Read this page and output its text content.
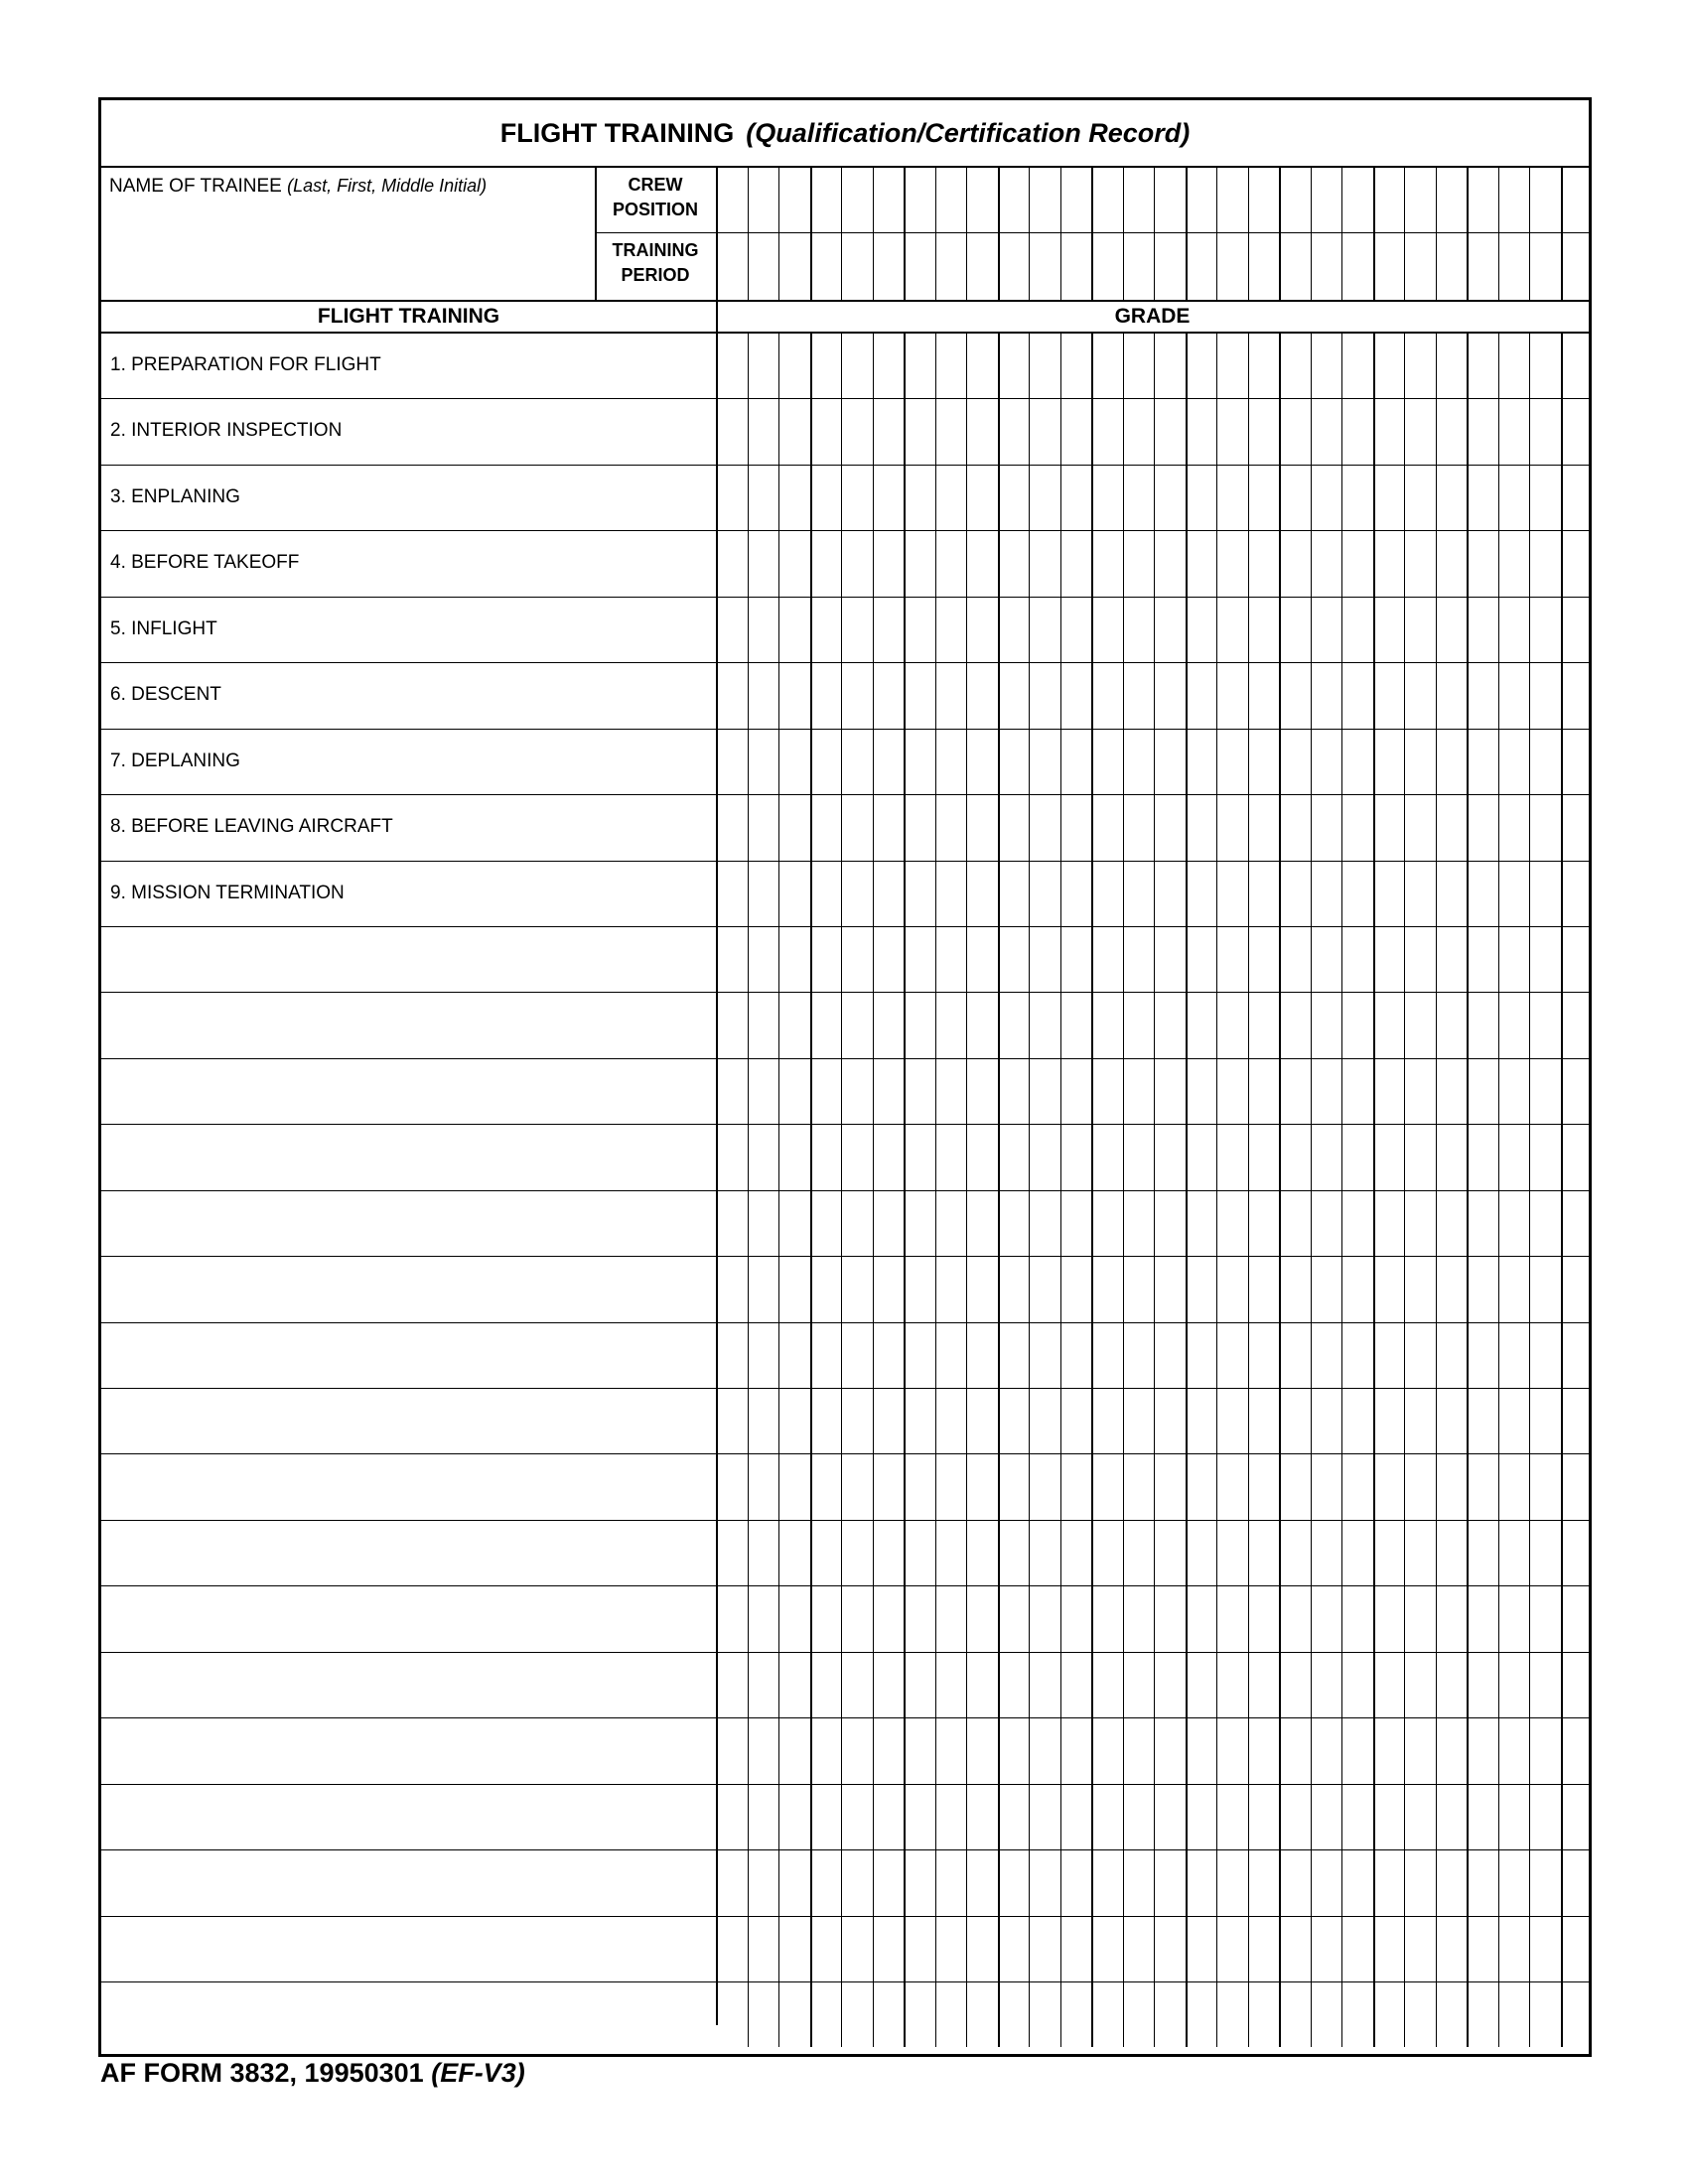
FLIGHT TRAINING (Qualification/Certification Record)
NAME OF TRAINEE (Last, First, Middle Initial)	CREW
POSITION
TRAINING
PERIOD
FLIGHT TRAINING	GRADE
1. PREPARATION FOR FLIGHT
2. INTERIOR INSPECTION
3. ENPLANING
4. BEFORE TAKEOFF
5. INFLIGHT
6. DESCENT
7. DEPLANING
8. BEFORE LEAVING AIRCRAFT
9. MISSION TERMINATION
AF FORM 3832, 19950301 (EF-V3)
